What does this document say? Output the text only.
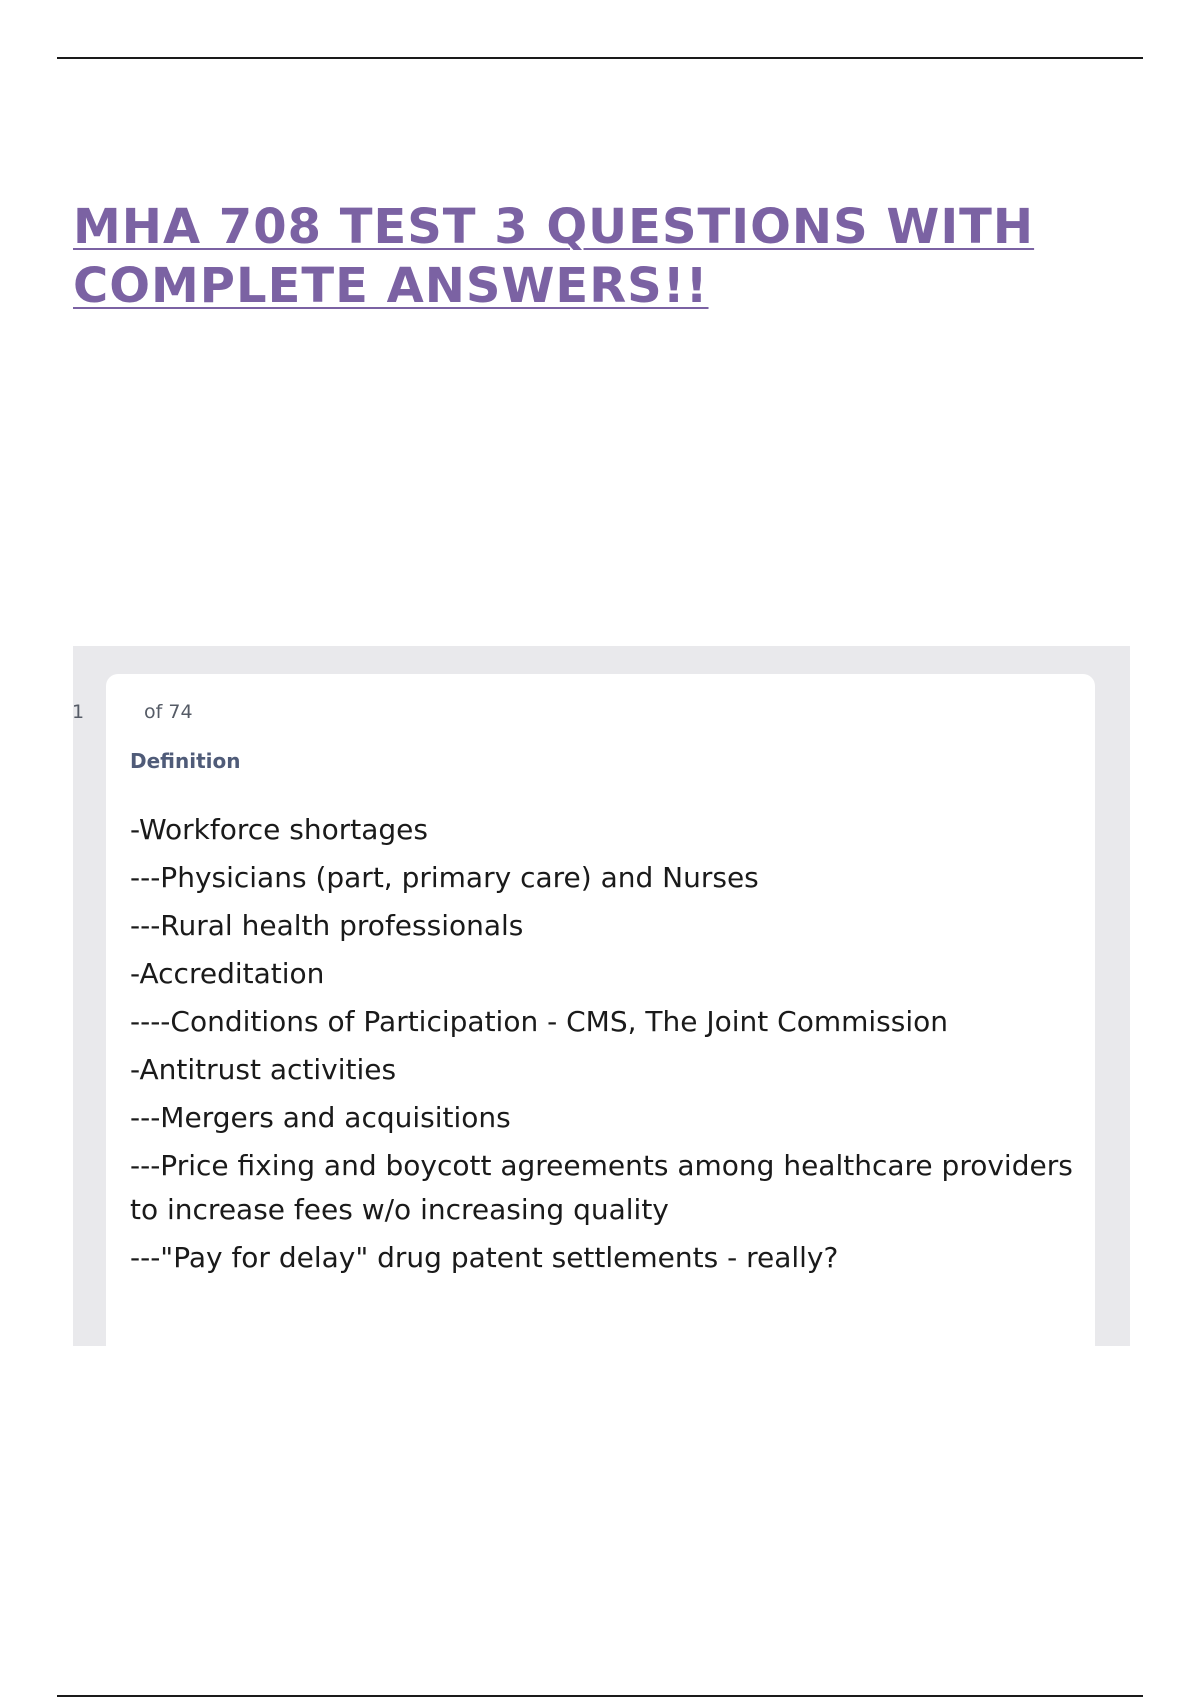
MHA 708 TEST 3 QUESTIONS WITH COMPLETE ANSWERS!!
1	of 74
Definition
-Workforce shortages
---Physicians (part, primary care) and Nurses
---Rural health professionals
-Accreditation
----Conditions of Participation - CMS, The Joint Commission
-Antitrust activities
---Mergers and acquisitions
---Price fixing and boycott agreements among healthcare providers to increase fees w/o increasing quality
---"Pay for delay" drug patent settlements - really?
